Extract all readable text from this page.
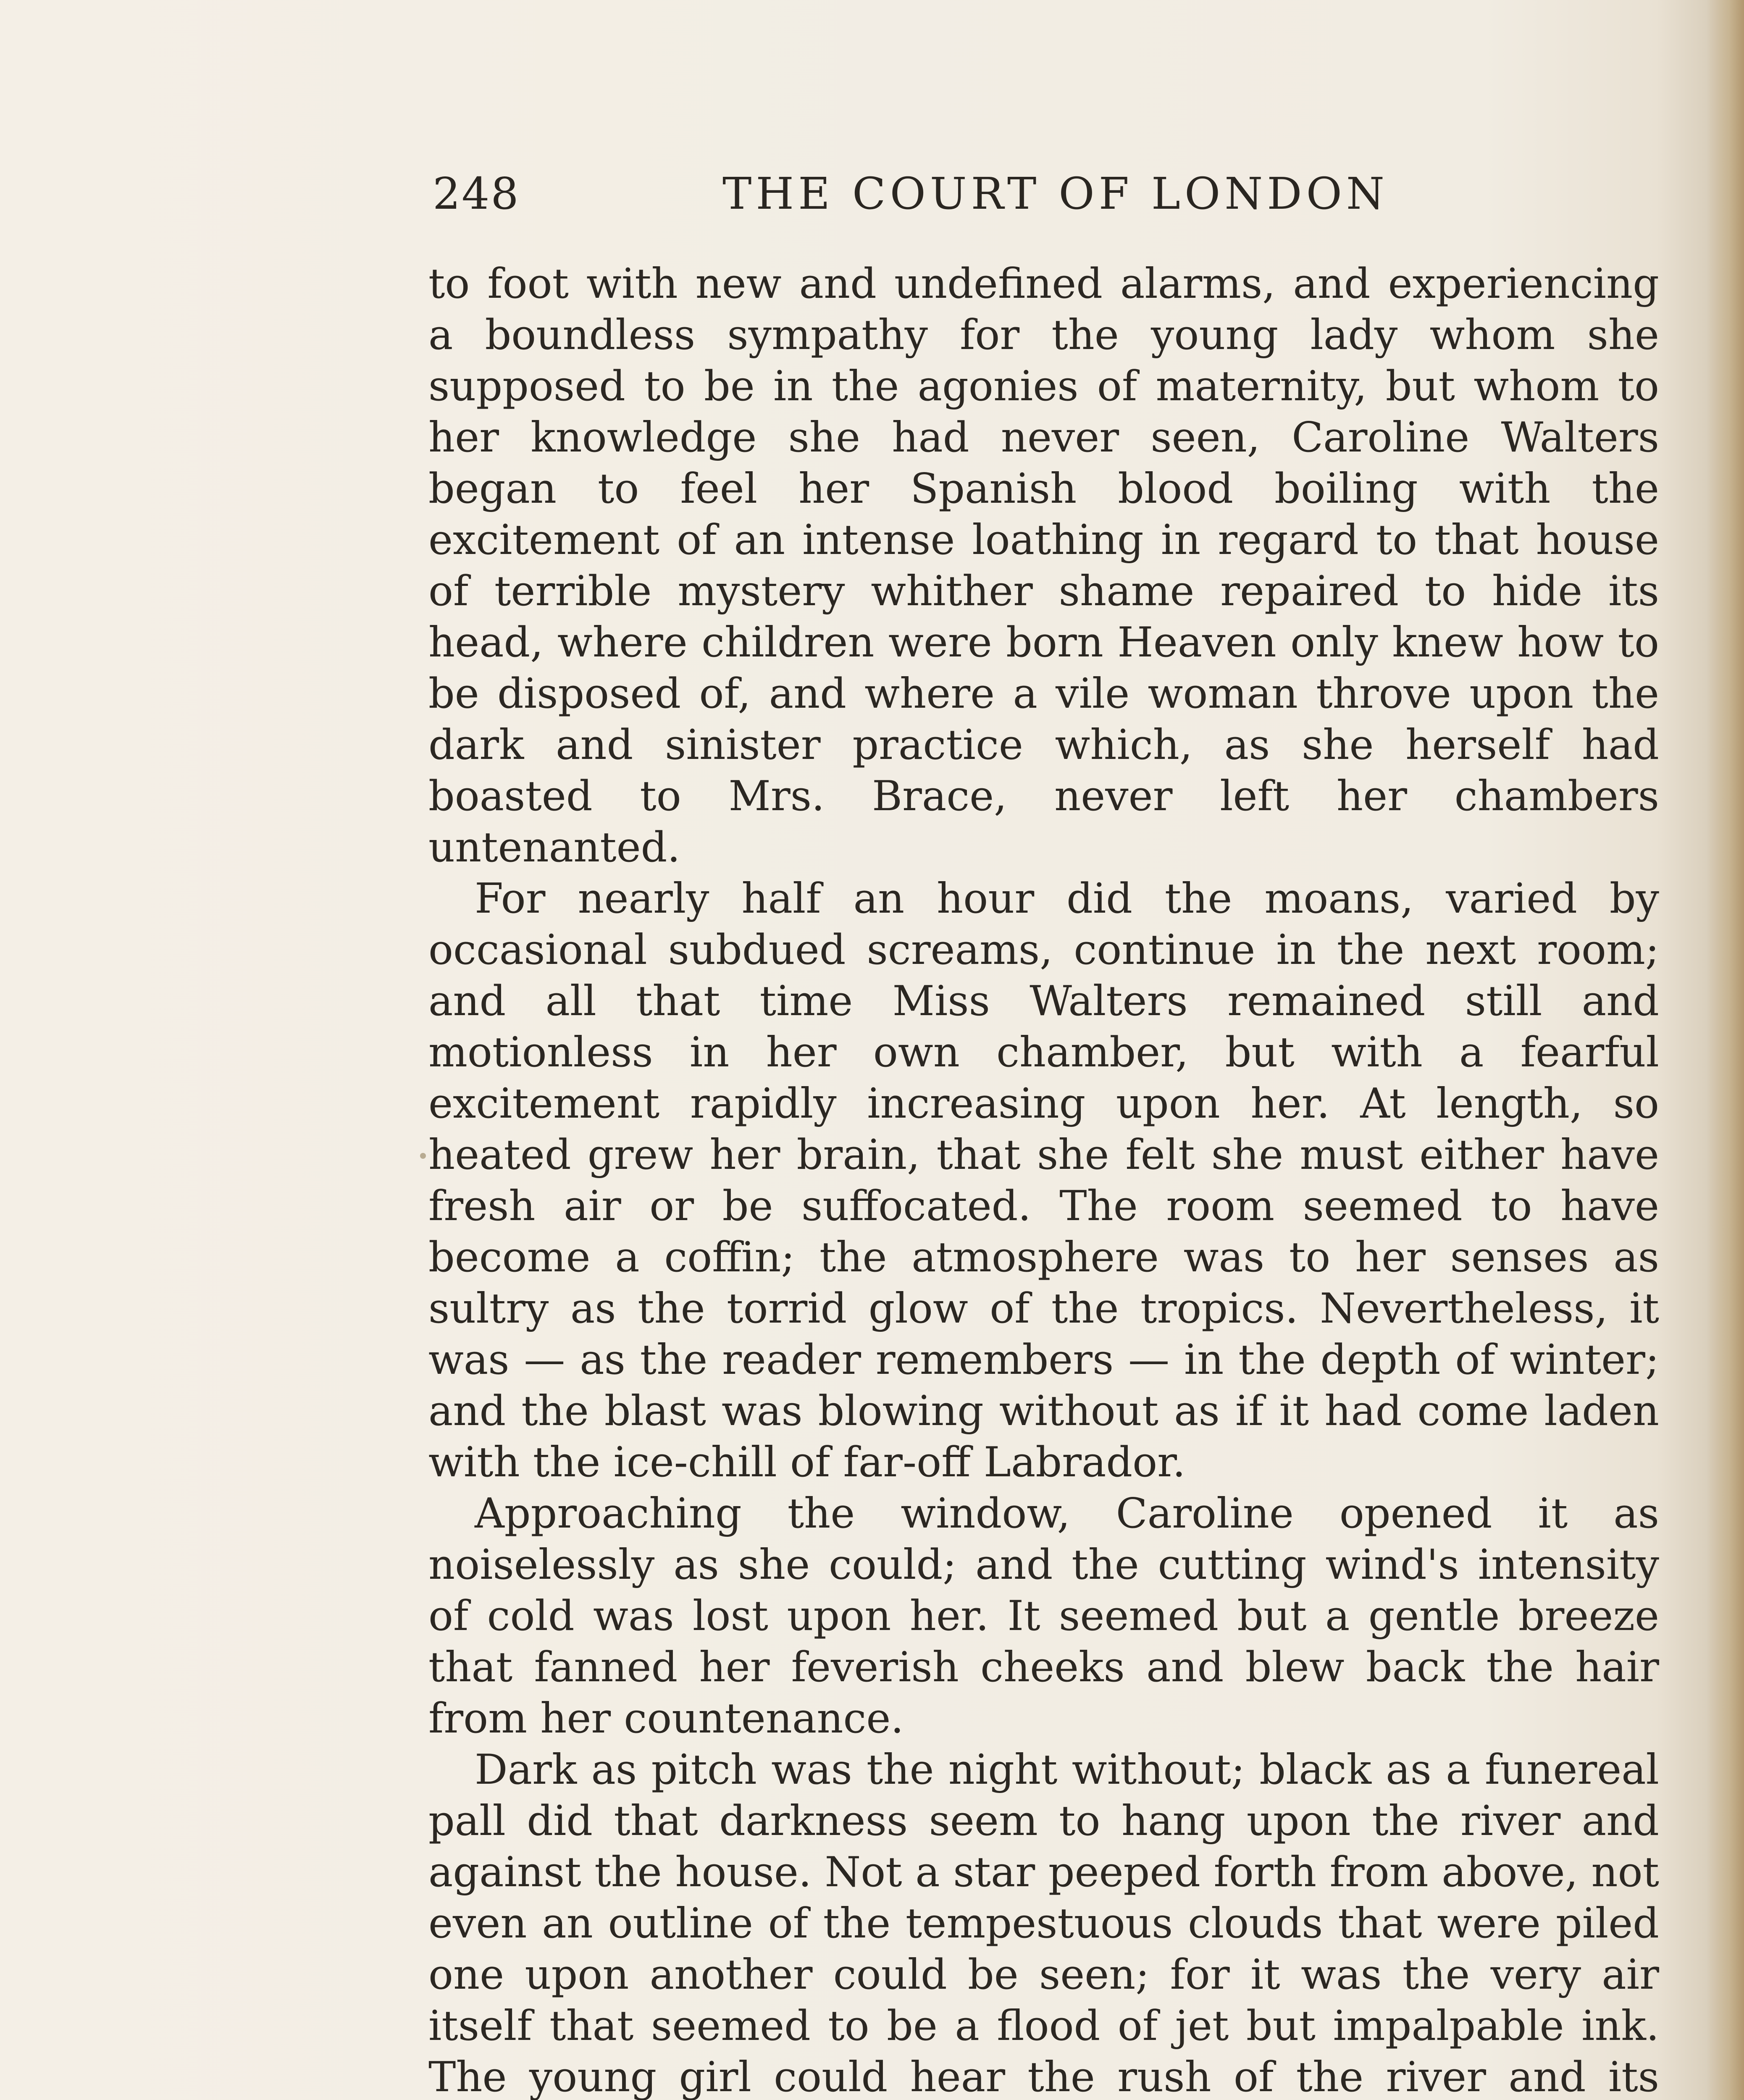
248	THE COURT OF LONDON

to foot with new and undefined alarms, and experiencing a boundless sympathy for the young lady whom she supposed to be in the agonies of maternity, but whom to her knowledge she had never seen, Caroline Walters began to feel her Spanish blood boiling with the excitement of an intense loathing in regard to that house of terrible mystery whither shame repaired to hide its head, where children were born Heaven only knew how to be disposed of, and where a vile woman throve upon the dark and sinister practice which, as she herself had boasted to Mrs. Brace, never left her chambers untenanted.

For nearly half an hour did the moans, varied by occasional subdued screams, continue in the next room; and all that time Miss Walters remained still and motionless in her own chamber, but with a fearful excitement rapidly increasing upon her. At length, so heated grew her brain, that she felt she must either have fresh air or be suffocated. The room seemed to have become a coffin; the atmosphere was to her senses as sultry as the torrid glow of the tropics. Nevertheless, it was — as the reader remembers — in the depth of winter; and the blast was blowing without as if it had come laden with the ice-chill of far-off Labrador.

Approaching the window, Caroline opened it as noiselessly as she could; and the cutting wind's intensity of cold was lost upon her. It seemed but a gentle breeze that fanned her feverish cheeks and blew back the hair from her countenance.

Dark as pitch was the night without; black as a funereal pall did that darkness seem to hang upon the river and against the house. Not a star peeped forth from above, not even an outline of the tempestuous clouds that were piled one upon another could be seen; for it was the very air itself that seemed to be a flood of jet but impalpable ink. The young girl could hear the rush of the river and its
